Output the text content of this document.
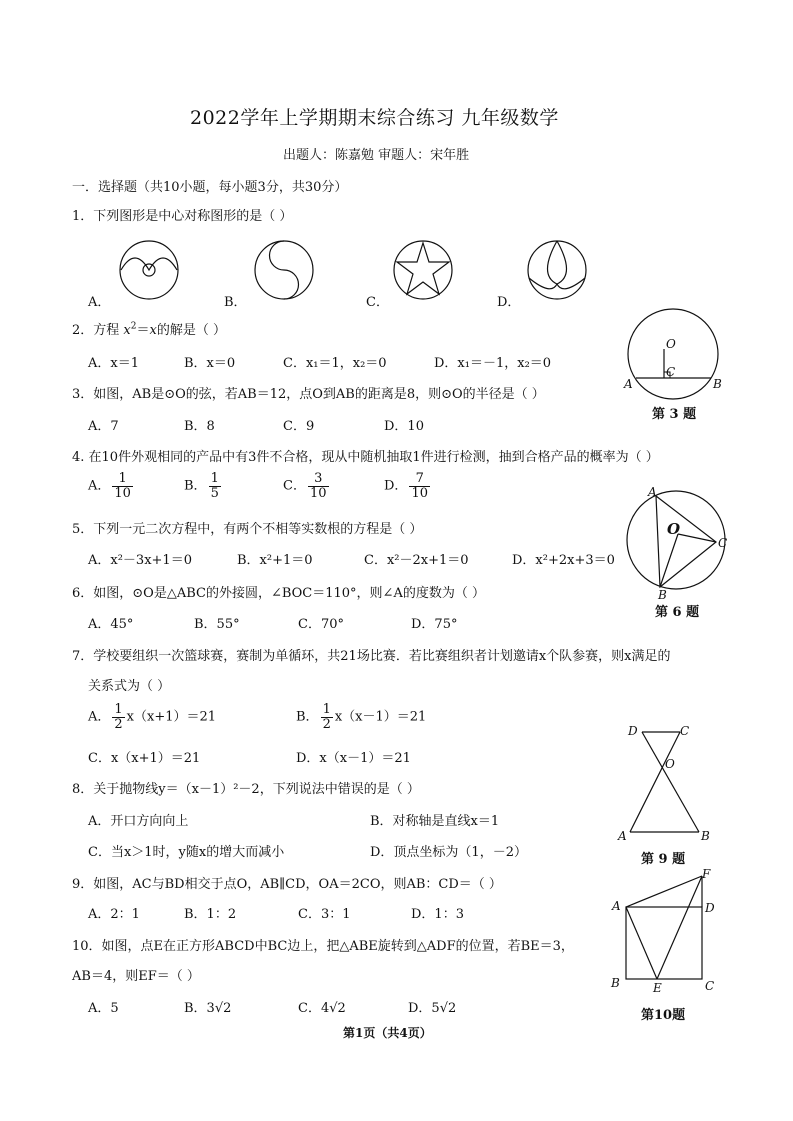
2022学年上学期期末综合练习 九年级数学
出题人：陈嘉勉 审题人：宋年胜
一．选择题（共10小题，每小题3分，共30分）
1．下列图形是中心对称图形的是（ ）
A．	B．	C．	D．
2．方程 $x^2=x$的解是（ ）
A．x＝1	B．x＝0	C．x₁＝1，x₂＝0	D．x₁＝－1，x₂＝0
O
C
A	B
第 3 题
3．如图，AB是⊙O的弦，若AB＝12，点O到AB的距离是8，则⊙O的半径是（ ）
A．7	B．8	C．9	D．10
4. 在10件外观相同的产品中有3件不合格，现从中随机抽取1件进行检测，抽到合格产品的概率为（ ）
A． $\frac{1}{10}$	B． $\frac{1}{5}$	C． $\frac{3}{10}$	D． $\frac{7}{10}$	A
O
C
B
第 6 题
5．下列一元二次方程中，有两个不相等实数根的方程是（ ）
A．x²－3x+1＝0	B．x²+1＝0	C．x²－2x+1＝0	D．x²+2x+3＝0
6．如图，⊙O是△ABC的外接圆，∠BOC＝110°，则∠A的度数为（ ）
A．45°	B．55°	C．70°	D．75°
7．学校要组织一次篮球赛，赛制为单循环，共21场比赛．若比赛组织者计划邀请x个队参赛，则x满足的
关系式为（ ）
A． $\frac{1}{2} x(x+1)=21$	B． $\frac{1}{2} x(x-1)=21$
C．x（x+1）＝21	D．x（x－1）＝21
D	C
O
A	B
第 9 题
8．关于抛物线y＝（x－1）²－2，下列说法中错误的是（ ）
A．开口方向向上	B．对称轴是直线x＝1
C．当x＞1时，y随x的增大而减小	D．顶点坐标为（1，－2）
F
A	D
B	E	C
第10题
9．如图，AC与BD相交于点O，AB∥CD，OA＝2CO，则AB：CD＝（ ）
A．2：1	B．1：2	C．3：1	D．1：3
10．如图，点E在正方形ABCD中BC边上，把△ABE旋转到△ADF的位置，若BE＝3，
AB＝4，则EF＝（ ）
A．5	B．3√2	C．4√2	D．5√2
第1页（共4页）
